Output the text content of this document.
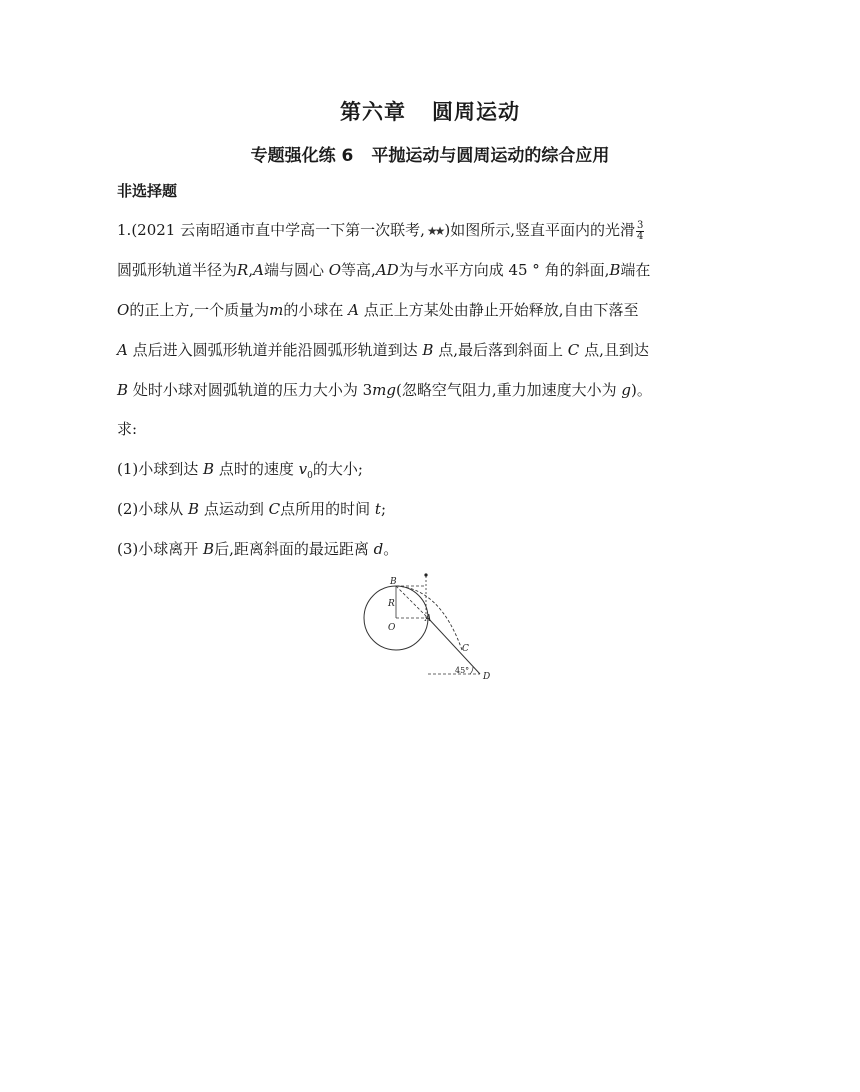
第六章 圆周运动
专题强化练 6 平抛运动与圆周运动的综合应用
非选择题
1.(2021 云南昭通市直中学高一下第一次联考, ★★ )如图所示,竖直平面内的光滑 $\frac{3}{4}$
圆弧形轨道半径为R,A端与圆心 O等高,AD为与水平方向成 45 ° 角的斜面,B端在
O的正上方,一个质量为m的小球在 A 点正上方某处由静止开始释放,自由下落至
A 点后进入圆弧形轨道并能沿圆弧形轨道到达 B 点,最后落到斜面上 C 点,且到达
B 处时小球对圆弧轨道的压力大小为 3mg(忽略空气阻力,重力加速度大小为 g)。
求:
(1)小球到达 B 点时的速度 $v_0$的大小;
(2)小球从 B 点运动到 C点所用的时间 t;
(3)小球离开 B后,距离斜面的最远距离 d。
B
R
O
A
C
D
45°
